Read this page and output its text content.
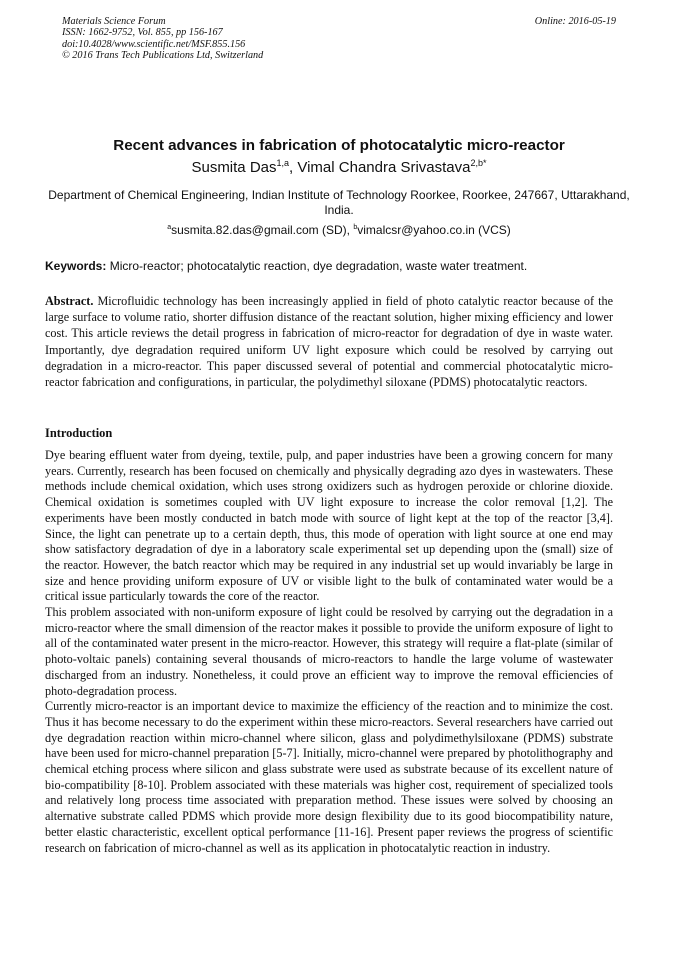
Materials Science Forum
ISSN: 1662-9752, Vol. 855, pp 156-167
doi:10.4028/www.scientific.net/MSF.855.156
© 2016 Trans Tech Publications Ltd, Switzerland
Online: 2016-05-19
Recent advances in fabrication of photocatalytic micro-reactor
Susmita Das$^{1,a}$, Vimal Chandra Srivastava$^{2,b*}$
Department of Chemical Engineering, Indian Institute of Technology Roorkee, Roorkee, 247667, Uttarakhand, India.
$^a$susmita.82.das@gmail.com (SD), $^b$vimalcsr@yahoo.co.in (VCS)
Keywords: Micro-reactor; photocatalytic reaction, dye degradation, waste water treatment.
Abstract. Microfluidic technology has been increasingly applied in field of photo catalytic reactor because of the large surface to volume ratio, shorter diffusion distance of the reactant solution, higher mixing efficiency and lower cost. This article reviews the detail progress in fabrication of micro-reactor for degradation of dye in waste water. Importantly, dye degradation required uniform UV light exposure which could be resolved by carrying out degradation in a micro-reactor. This paper discussed several of potential and commercial photocatalytic micro-reactor fabrication and configurations, in particular, the polydimethyl siloxane (PDMS) photocatalytic reactors.
Introduction

Dye bearing effluent water from dyeing, textile, pulp, and paper industries have been a growing concern for many years. Currently, research has been focused on chemically and physically degrading azo dyes in wastewaters. These methods include chemical oxidation, which uses strong oxidizers such as hydrogen peroxide or chlorine dioxide. Chemical oxidation is sometimes coupled with UV light exposure to increase the color removal [1,2]. The experiments have been mostly conducted in batch mode with source of light kept at the top of the reactor [3,4]. Since, the light can penetrate up to a certain depth, thus, this mode of operation with light source at one end may show satisfactory degradation of dye in a laboratory scale experimental set up depending upon the (small) size of the reactor. However, the batch reactor which may be required in any industrial set up would invariably be large in size and hence providing uniform exposure of UV or visible light to the bulk of contaminated water would be a critical issue particularly towards the core of the reactor.

This problem associated with non-uniform exposure of light could be resolved by carrying out the degradation in a micro-reactor where the small dimension of the reactor makes it possible to provide the uniform exposure of light to all of the contaminated water present in the micro-reactor. However, this strategy will require a flat-plate (similar of photo-voltaic panels) containing several thousands of micro-reactors to handle the large volume of wastewater discharged from an industry. Nonetheless, it could prove an efficient way to improve the removal efficiencies of photo-degradation process.

Currently micro-reactor is an important device to maximize the efficiency of the reaction and to minimize the cost. Thus it has become necessary to do the experiment within these micro-reactors. Several researchers have carried out dye degradation reaction within micro-channel where silicon, glass and polydimethylsiloxane (PDMS) substrate have been used for micro-channel preparation [5-7]. Initially, micro-channel were prepared by photolithography and chemical etching process where silicon and glass substrate were used as substrate because of its excellent nature of bio-compatibility [8-10]. Problem associated with these materials was higher cost, requirement of specialized tools and relatively long process time associated with preparation method. These issues were solved by choosing an alternative substrate called PDMS which provide more design flexibility due to its good biocompatibility nature, better elastic characteristic, excellent optical performance [11-16]. Present paper reviews the progress of scientific research on fabrication of micro-channel as well as its application in photocatalytic reaction in industry.
